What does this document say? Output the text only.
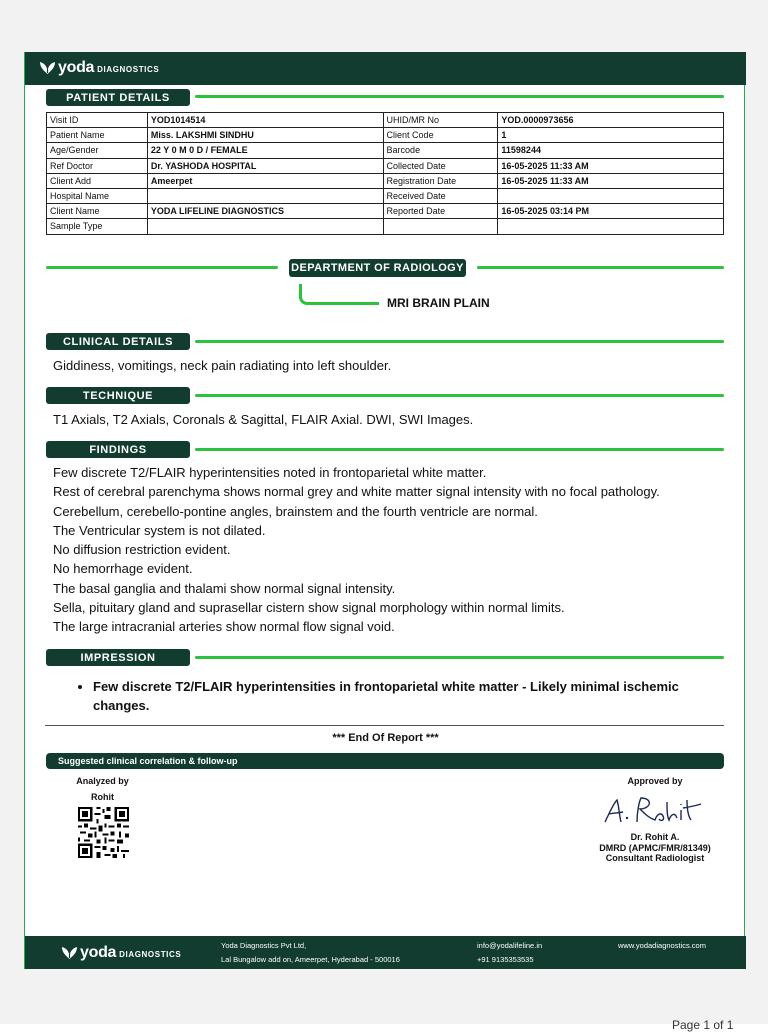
yoda DIAGNOSTICS
PATIENT DETAILS
Visit ID	YOD1014514	UHID/MR No	YOD.0000973656
Patient Name	Miss. LAKSHMI SINDHU	Client Code	1
Age/Gender	22 Y 0 M 0 D / FEMALE	Barcode	11598244
Ref Doctor	Dr. YASHODA HOSPITAL	Collected Date	16-05-2025 11:33 AM
Client Add	Ameerpet	Registration Date	16-05-2025 11:33 AM
Hospital Name		Received Date	
Client Name	YODA LIFELINE DIAGNOSTICS	Reported Date	16-05-2025 03:14 PM
Sample Type			
DEPARTMENT OF RADIOLOGY
MRI BRAIN PLAIN
CLINICAL DETAILS
Giddiness, vomitings, neck pain radiating into left shoulder.
TECHNIQUE
T1 Axials, T2 Axials, Coronals & Sagittal, FLAIR Axial. DWI, SWI Images.
FINDINGS

Few discrete T2/FLAIR hyperintensities noted in frontoparietal white matter.

Rest of cerebral parenchyma shows normal grey and white matter signal intensity with no focal pathology.

Cerebellum, cerebello-pontine angles, brainstem and the fourth ventricle are normal.

The Ventricular system is not dilated.

No diffusion restriction evident.

No hemorrhage evident.

The basal ganglia and thalami show normal signal intensity.

Sella, pituitary gland and suprasellar cistern show signal morphology within normal limits.

The large intracranial arteries show normal flow signal void.

IMPRESSION
• Few discrete T2/FLAIR hyperintensities in frontoparietal white matter - Likely minimal ischemic changes.
*** End Of Report ***
Suggested clinical correlation & follow-up
Analyzed by
Rohit
Approved by
Dr. Rohit A.
DMRD (APMC/FMR/81349)
Consultant Radiologist
yoda DIAGNOSTICS
Yoda Diagnostics Pvt Ltd,
Lal Bungalow add on, Ameerpet, Hyderabad - 500016
info@yodalifeline.in
+91 9135353535
www.yodadiagnostics.com
Page 1 of 1
